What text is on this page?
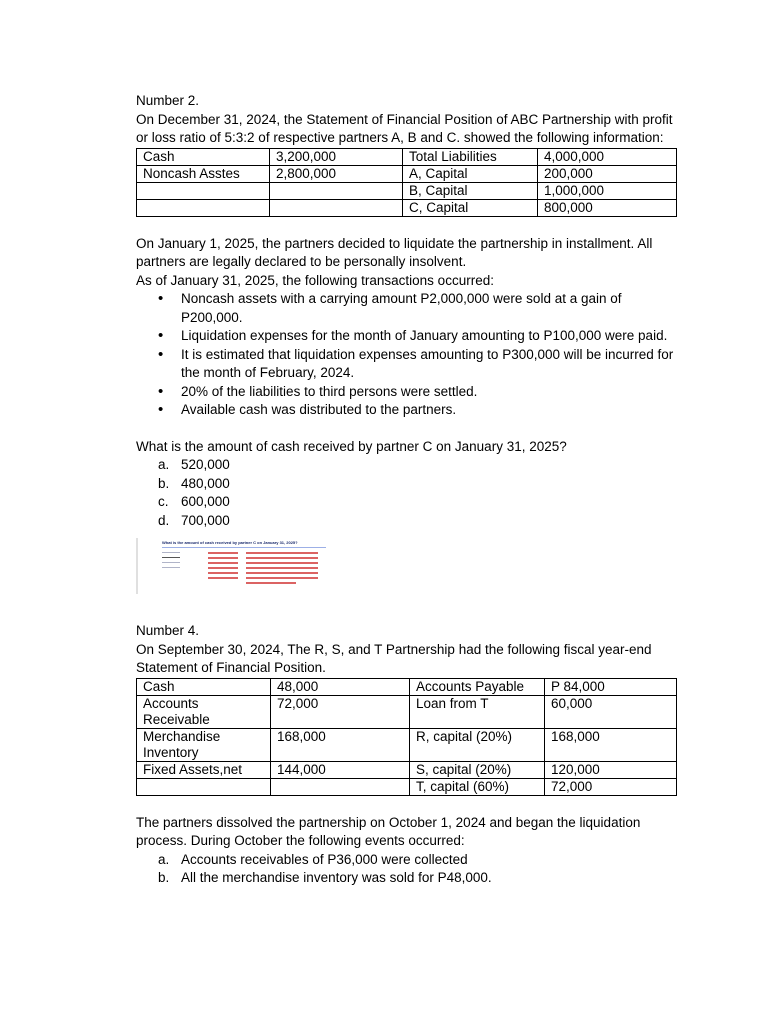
Number 2.

On December 31, 2024, the Statement of Financial Position of ABC Partnership with profit or loss ratio of 5:3:2 of respective partners A, B and C. showed the following information:

Cash	3,200,000	Total Liabilities	4,000,000
Noncash Asstes	2,800,000	A, Capital	200,000
		B, Capital	1,000,000
		C, Capital	800,000

On January 1, 2025, the partners decided to liquidate the partnership in installment. All partners are legally declared to be personally insolvent.

As of January 31, 2025, the following transactions occurred:

• Noncash assets with a carrying amount P2,000,000 were sold at a gain of P200,000.
• Liquidation expenses for the month of January amounting to P100,000 were paid.
• It is estimated that liquidation expenses amounting to P300,000 will be incurred for the month of February, 2024.
• 20% of the liabilities to third persons were settled.
• Available cash was distributed to the partners.

What is the amount of cash received by partner C on January 31, 2025?

a. 520,000
b. 480,000
c. 600,000
d. 700,000
What is the amount of cash received by partner C on January 31, 2025?

Number 4.

On September 30, 2024, The R, S, and T Partnership had the following fiscal year-end Statement of Financial Position.

Cash	48,000	Accounts Payable	P 84,000
Accounts Receivable	72,000	Loan from T	60,000
Merchandise Inventory	168,000	R, capital (20%)	168,000
Fixed Assets,net	144,000	S, capital (20%)	120,000
		T, capital (60%)	72,000

The partners dissolved the partnership on October 1, 2024 and began the liquidation process. During October the following events occurred:

a. Accounts receivables of P36,000 were collected
b. All the merchandise inventory was sold for P48,000.
